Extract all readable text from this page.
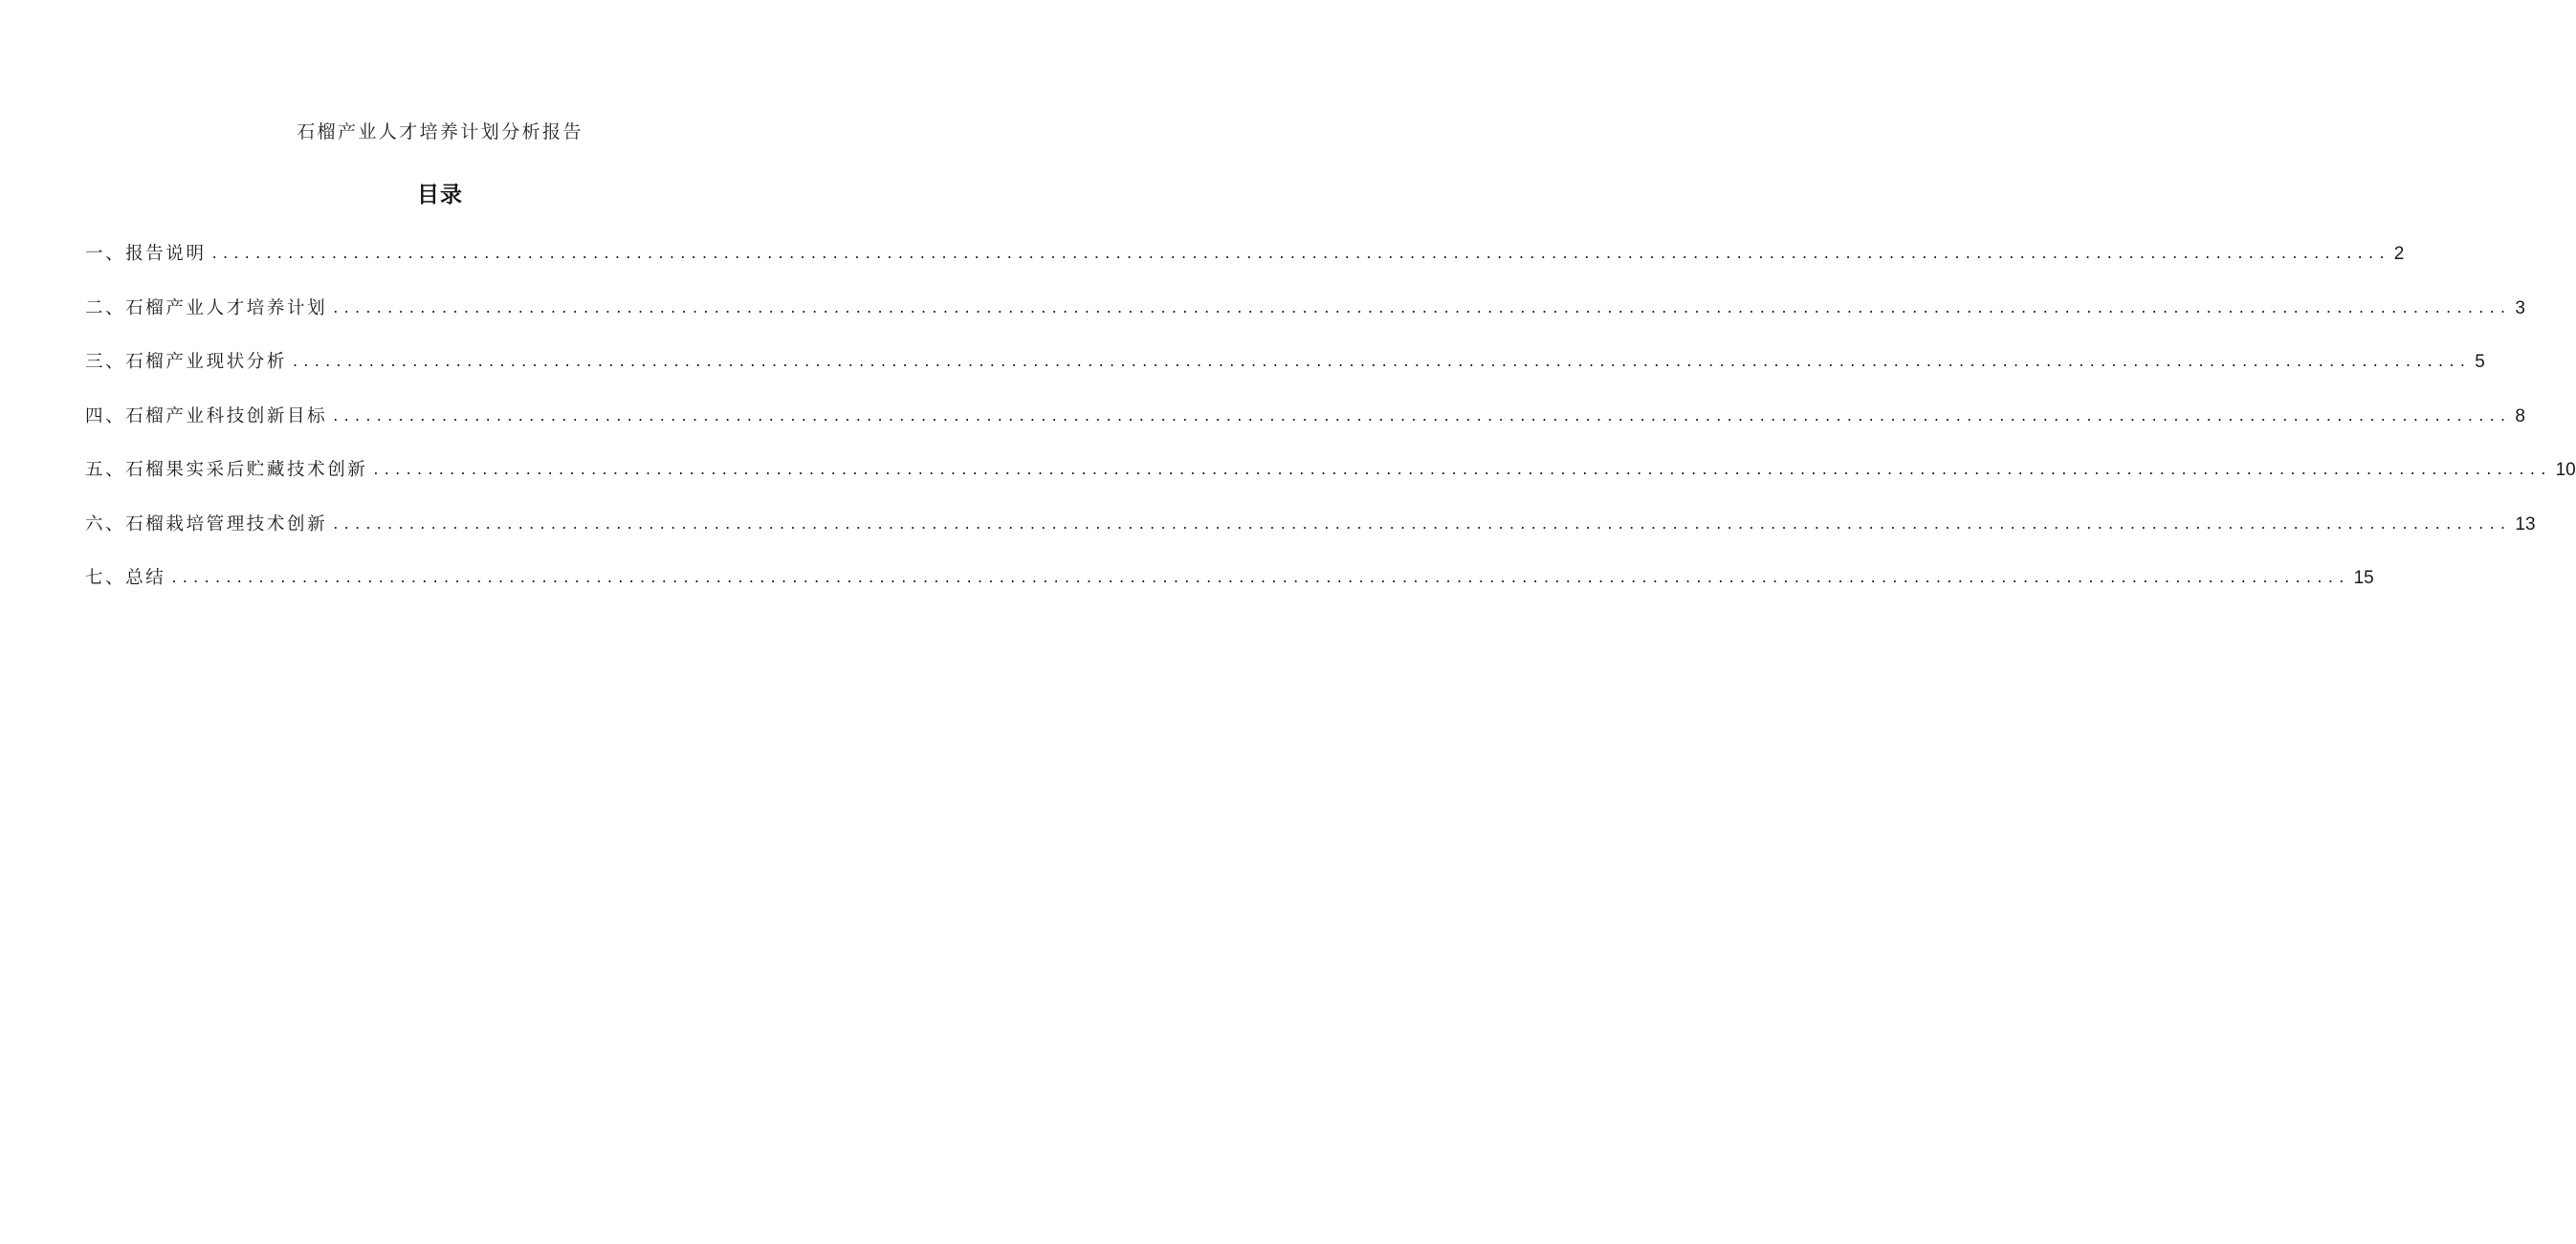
石榴产业人才培养计划分析报告
目录
一、报告说明 ........................................................................................................................................................................................................ 2
二、石榴产业人才培养计划 ........................................................................................................................................................................................................ 3
三、石榴产业现状分析 ........................................................................................................................................................................................................ 5
四、石榴产业科技创新目标 ........................................................................................................................................................................................................ 8
五、石榴果实采后贮藏技术创新 ........................................................................................................................................................................................................ 10
六、石榴栽培管理技术创新 ........................................................................................................................................................................................................ 13
七、总结 ........................................................................................................................................................................................................ 15
